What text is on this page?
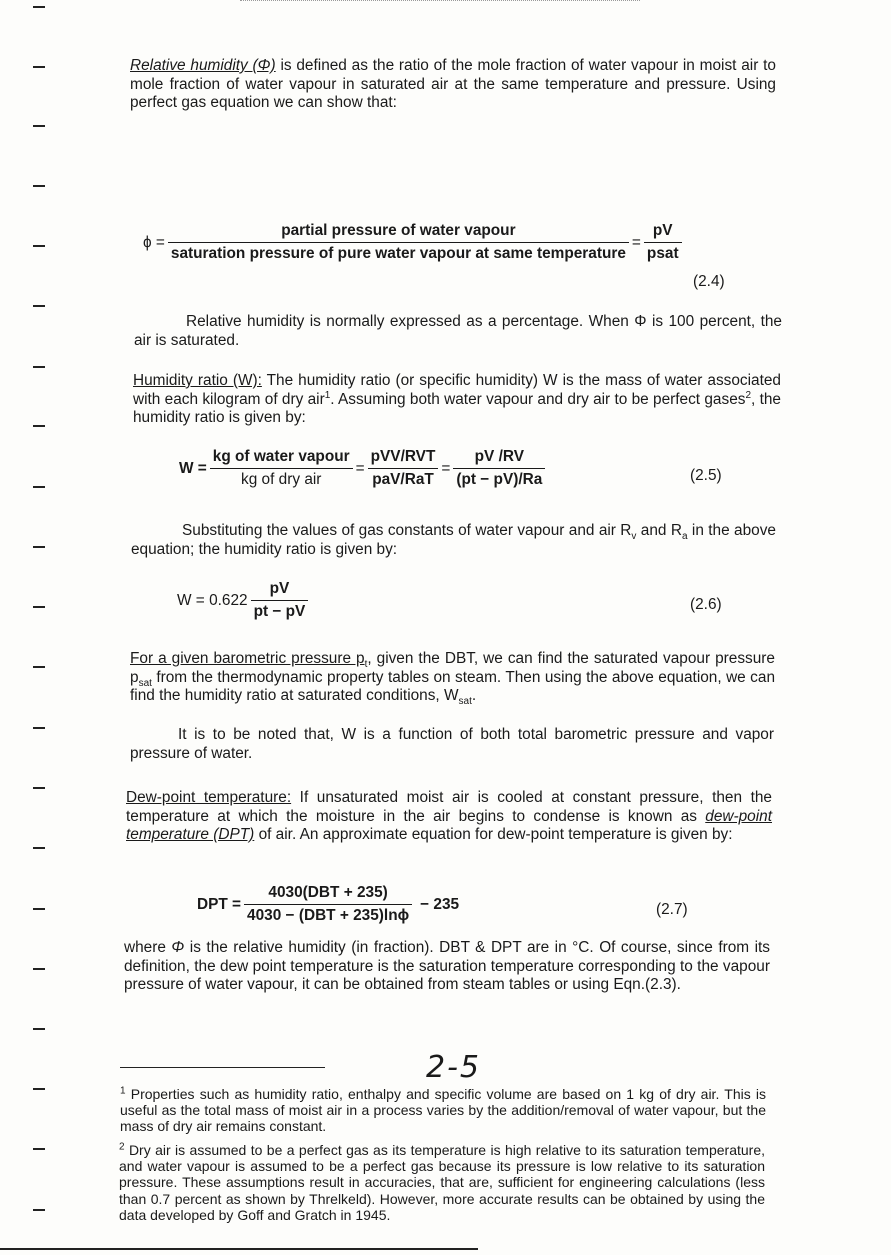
Relative humidity (Φ) is defined as the ratio of the mole fraction of water vapour in moist air to mole fraction of water vapour in saturated air at the same temperature and pressure. Using perfect gas equation we can show that:

$\phi = \frac{\text{partial pressure of water vapour}}{\text{saturation pressure of pure water vapour at same temperature}} = \frac{pV}{\text{psat}}$
(2.4)

Relative humidity is normally expressed as a percentage. When Φ is 100 percent, the air is saturated.

Humidity ratio (W): The humidity ratio (or specific humidity) W is the mass of water associated with each kilogram of dry air$^1$. Assuming both water vapour and dry air to be perfect gases$^2$, the humidity ratio is given by:

$W = \frac{\text{kg of water vapour}}{\text{kg of dry air}} = \frac{\text{pVV/RVT}}{\text{paV/RaT}} = \frac{pV /RV}{(pt - pV)/Ra}$	(2.5)

Substituting the values of gas constants of water vapour and air $R_v$ and $R_a$ in the above equation; the humidity ratio is given by:

$W = 0.622 \frac{pV}{pt - pV}$	(2.6)

For a given barometric pressure $p_t$, given the DBT, we can find the saturated vapour pressure $p_{sat}$ from the thermodynamic property tables on steam. Then using the above equation, we can find the humidity ratio at saturated conditions, $W_{sat}$.

It is to be noted that, W is a function of both total barometric pressure and vapor pressure of water.

Dew-point temperature: If unsaturated moist air is cooled at constant pressure, then the temperature at which the moisture in the air begins to condense is known as dew-point temperature (DPT) of air. An approximate equation for dew-point temperature is given by:

DPT = $\frac{\text{4030(DBT + 235)}}{\text{4030 − (DBT + 235)lnϕ}} - 235$	(2.7)

where Φ is the relative humidity (in fraction). DBT & DPT are in °C. Of course, since from its definition, the dew point temperature is the saturation temperature corresponding to the vapour pressure of water vapour, it can be obtained from steam tables or using Eqn.(2.3).

2-5

$^1$ Properties such as humidity ratio, enthalpy and specific volume are based on 1 kg of dry air. This is useful as the total mass of moist air in a process varies by the addition/removal of water vapour, but the mass of dry air remains constant.

$^2$ Dry air is assumed to be a perfect gas as its temperature is high relative to its saturation temperature, and water vapour is assumed to be a perfect gas because its pressure is low relative to its saturation pressure. These assumptions result in accuracies, that are, sufficient for engineering calculations (less than 0.7 percent as shown by Threlkeld). However, more accurate results can be obtained by using the data developed by Goff and Gratch in 1945.
